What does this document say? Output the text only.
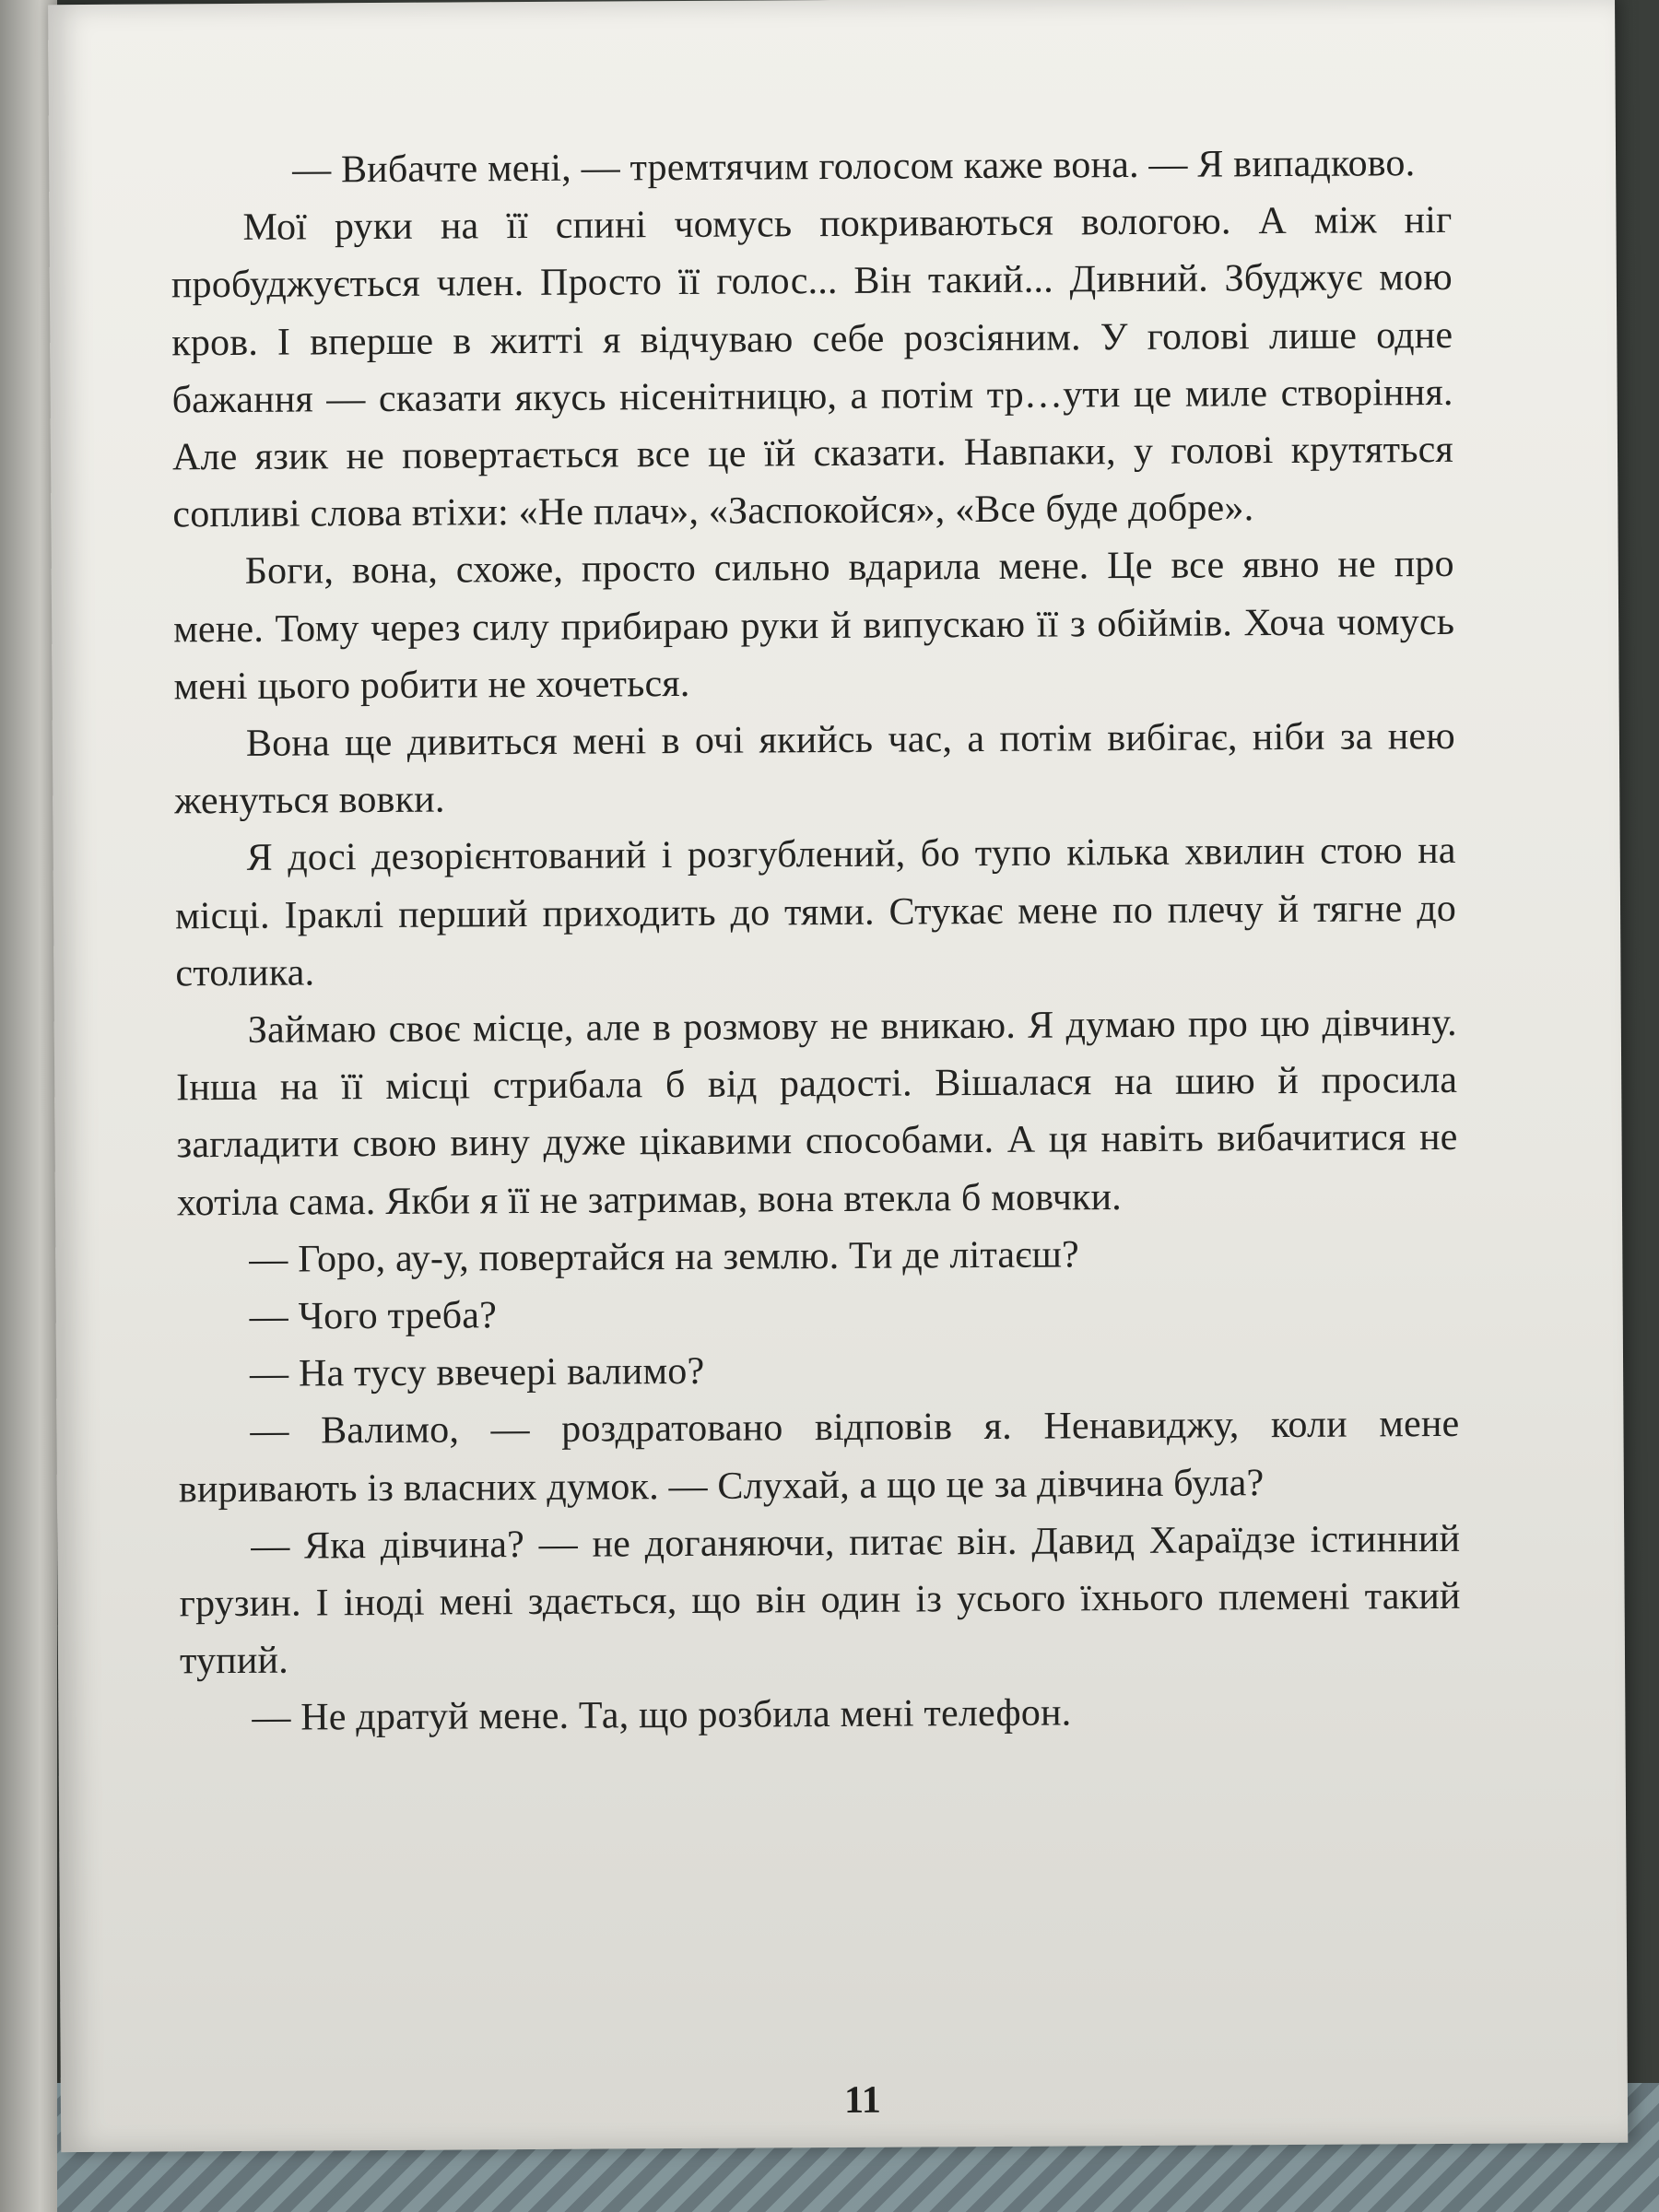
— Вибачте мені, — тремтячим голосом каже вона. — Я випадково.

Мої руки на її спині чомусь покриваються вологою. А між ніг пробуджується член. Просто її голос... Він такий... Дивний. Збуджує мою кров. І вперше в житті я відчуваю себе розсіяним. У голові лише одне бажання — сказати якусь нісенітницю, а потім тр…ути це миле створіння. Але язик не повертається все це їй сказати. Навпаки, у голові крутяться сопливі слова втіхи: «Не плач», «Заспокойся», «Все буде добре».

Боги, вона, схоже, просто сильно вдарила мене. Це все явно не про мене. Тому через силу прибираю руки й випускаю її з обіймів. Хоча чомусь мені цього робити не хочеться.

Вона ще дивиться мені в очі якийсь час, а потім вибігає, ніби за нею женуться вовки.

Я досі дезорієнтований і розгублений, бо тупо кілька хвилин стою на місці. Іраклі перший приходить до тями. Стукає мене по плечу й тягне до столика.

Займаю своє місце, але в розмову не вникаю. Я думаю про цю дівчину. Інша на її місці стрибала б від радості. Вішалася на шию й просила загладити свою вину дуже цікавими способами. А ця навіть вибачитися не хотіла сама. Якби я її не затримав, вона втекла б мовчки.

— Горо, ау-у, повертайся на землю. Ти де літаєш?

— Чого треба?

— На тусу ввечері валимо?

— Валимо, — роздратовано відповів я. Ненавиджу, коли мене виривають із власних думок. — Слухай, а що це за дівчина була?

— Яка дівчина? — не доганяючи, питає він. Давид Хараїдзе істинний грузин. І іноді мені здається, що він один із усього їхнього племені такий тупий.

— Не дратуй мене. Та, що розбила мені телефон.

11
